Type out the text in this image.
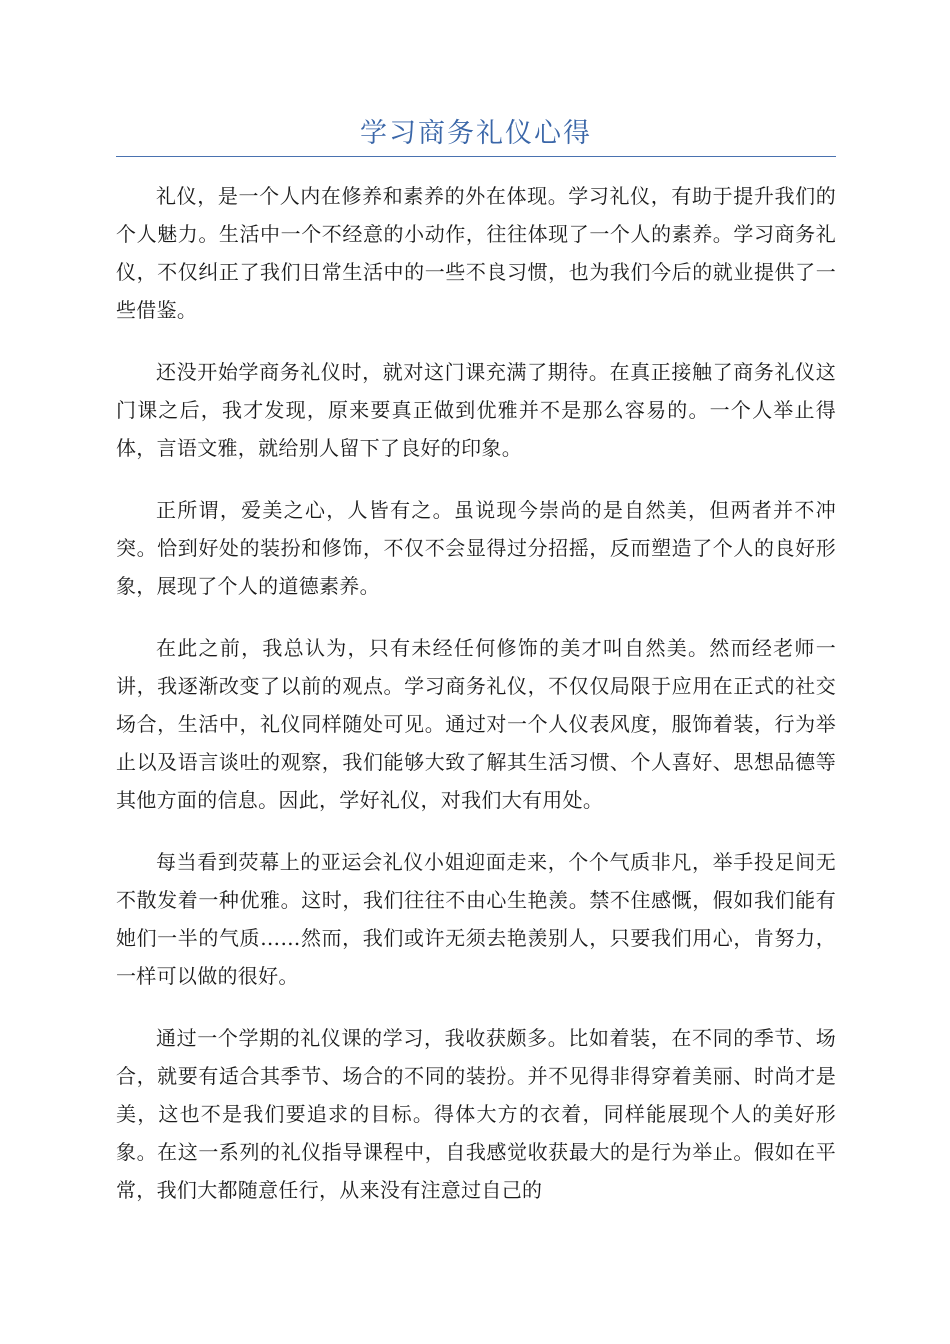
学习商务礼仪心得

礼仪，是一个人内在修养和素养的外在体现。学习礼仪，有助于提升我们的个人魅力。生活中一个不经意的小动作，往往体现了一个人的素养。学习商务礼仪，不仅纠正了我们日常生活中的一些不良习惯，也为我们今后的就业提供了一些借鉴。

还没开始学商务礼仪时，就对这门课充满了期待。在真正接触了商务礼仪这门课之后，我才发现，原来要真正做到优雅并不是那么容易的。一个人举止得体，言语文雅，就给别人留下了良好的印象。

正所谓，爱美之心，人皆有之。虽说现今崇尚的是自然美，但两者并不冲突。恰到好处的装扮和修饰，不仅不会显得过分招摇，反而塑造了个人的良好形象，展现了个人的道德素养。

在此之前，我总认为，只有未经任何修饰的美才叫自然美。然而经老师一讲，我逐渐改变了以前的观点。学习商务礼仪，不仅仅局限于应用在正式的社交场合，生活中，礼仪同样随处可见。通过对一个人仪表风度，服饰着装，行为举止以及语言谈吐的观察，我们能够大致了解其生活习惯、个人喜好、思想品德等其他方面的信息。因此，学好礼仪，对我们大有用处。

每当看到荧幕上的亚运会礼仪小姐迎面走来，个个气质非凡，举手投足间无不散发着一种优雅。这时，我们往往不由心生艳羡。禁不住感慨，假如我们能有她们一半的气质……然而，我们或许无须去艳羡别人，只要我们用心，肯努力，一样可以做的很好。

通过一个学期的礼仪课的学习，我收获颇多。比如着装，在不同的季节、场合，就要有适合其季节、场合的不同的装扮。并不见得非得穿着美丽、时尚才是美，这也不是我们要追求的目标。得体大方的衣着，同样能展现个人的美好形象。在这一系列的礼仪指导课程中，自我感觉收获最大的是行为举止。假如在平常，我们大都随意任行，从来没有注意过自己的
